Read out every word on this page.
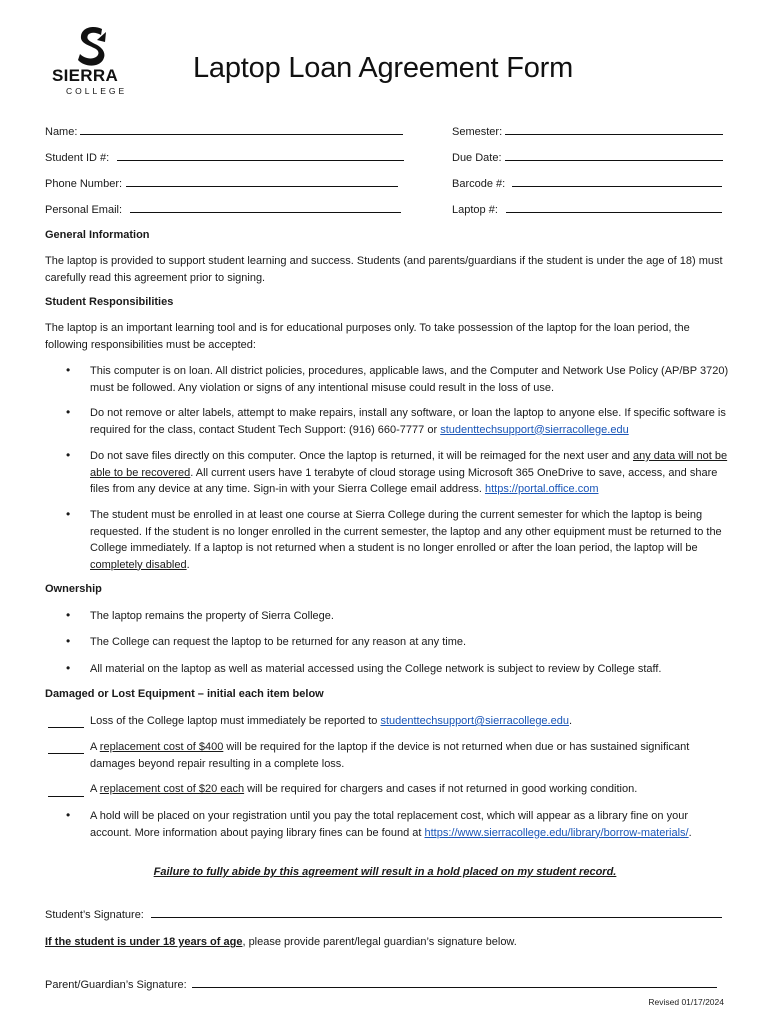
SIERRA
COLLEGE
Laptop Loan Agreement Form
Name:	Semester:
Student ID #:	Due Date:
Phone Number:	Barcode #:
Personal Email:	Laptop #:
General Information
The laptop is provided to support student learning and success. Students (and parents/guardians if the student is under the age of 18) must carefully read this agreement prior to signing.
Student Responsibilities
The laptop is an important learning tool and is for educational purposes only. To take possession of the laptop for the loan period, the following responsibilities must be accepted:
• This computer is on loan. All district policies, procedures, applicable laws, and the Computer and Network Use Policy (AP/BP 3720) must be followed. Any violation or signs of any intentional misuse could result in the loss of use.
• Do not remove or alter labels, attempt to make repairs, install any software, or loan the laptop to anyone else. If specific software is required for the class, contact Student Tech Support: (916) 660-7777 or studenttechsupport@sierracollege.edu
• Do not save files directly on this computer. Once the laptop is returned, it will be reimaged for the next user and any data will not be able to be recovered. All current users have 1 terabyte of cloud storage using Microsoft 365 OneDrive to save, access, and share files from any device at any time. Sign-in with your Sierra College email address. https://portal.office.com
• The student must be enrolled in at least one course at Sierra College during the current semester for which the laptop is being requested. If the student is no longer enrolled in the current semester, the laptop and any other equipment must be returned to the College immediately. If a laptop is not returned when a student is no longer enrolled or after the loan period, the laptop will be completely disabled.
Ownership
• The laptop remains the property of Sierra College.
• The College can request the laptop to be returned for any reason at any time.
• All material on the laptop as well as material accessed using the College network is subject to review by College staff.
Damaged or Lost Equipment – initial each item below
Loss of the College laptop must immediately be reported to studenttechsupport@sierracollege.edu.
A replacement cost of $400 will be required for the laptop if the device is not returned when due or has sustained significant damages beyond repair resulting in a complete loss.
A replacement cost of $20 each will be required for chargers and cases if not returned in good working condition.
• A hold will be placed on your registration until you pay the total replacement cost, which will appear as a library fine on your account. More information about paying library fines can be found at https://www.sierracollege.edu/library/borrow-materials/.
Failure to fully abide by this agreement will result in a hold placed on my student record.
Student’s Signature:
If the student is under 18 years of age, please provide parent/legal guardian’s signature below.
Parent/Guardian’s Signature:
Revised 01/17/2024
